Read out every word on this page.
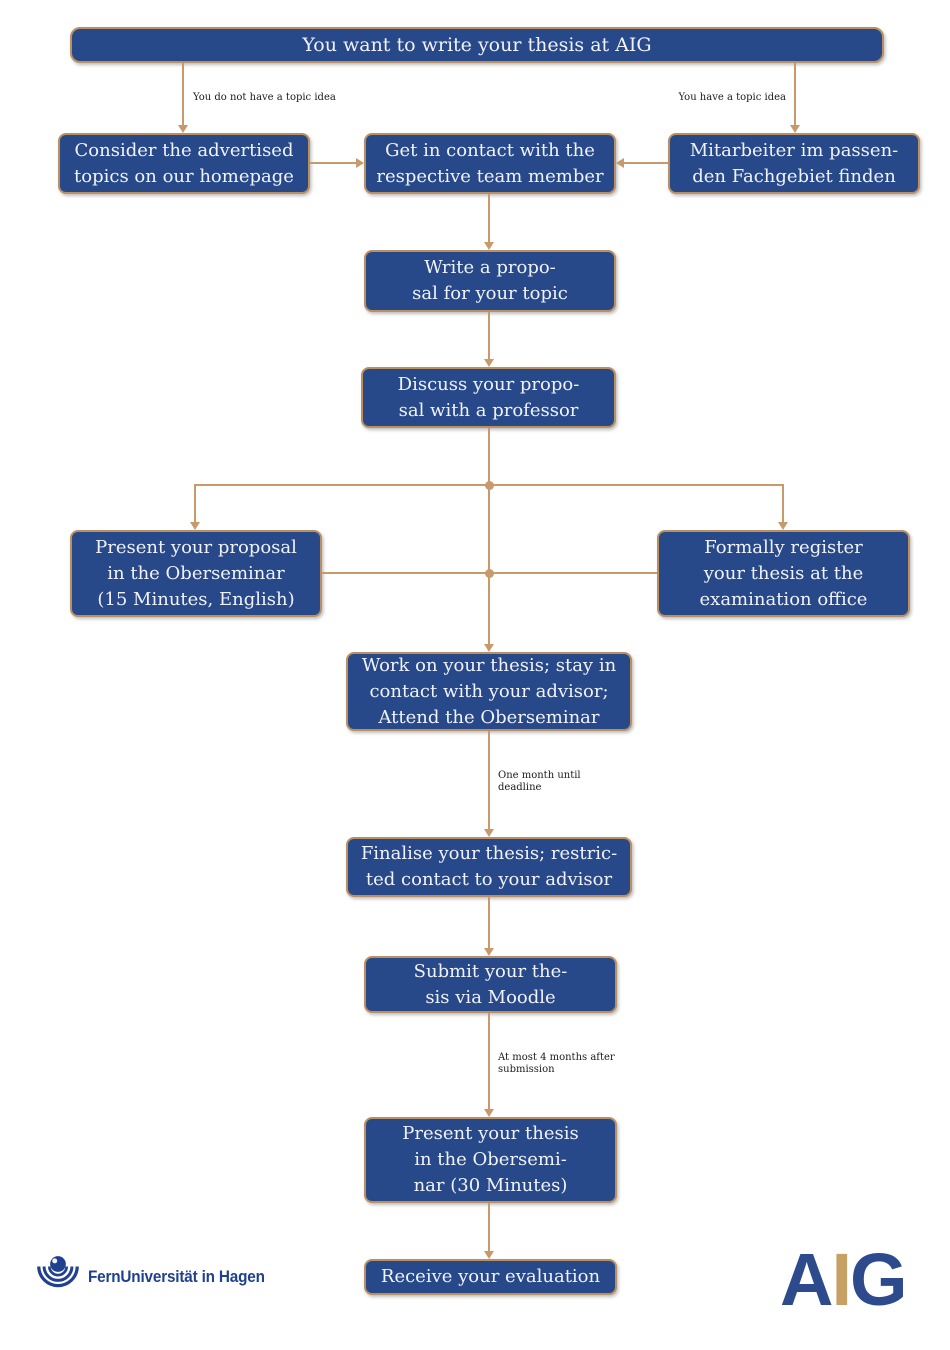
You want to write your thesis at AIG
Consider the advertised
topics on our homepage
Get in contact with the
respective team member
Mitarbeiter im passen-
den Fachgebiet finden
Write a propo-
sal for your topic
Discuss your propo-
sal with a professor
Present your proposal
in the Oberseminar
(15 Minutes, English)
Formally register
your thesis at the
examination office
Work on your thesis; stay in
contact with your advisor;
Attend the Oberseminar
Finalise your thesis; restric-
ted contact to your advisor
Submit your the-
sis via Moodle
Present your thesis
in the Obersemi-
nar (30 Minutes)
Receive your evaluation
You do not have a topic idea	You have a topic idea
One month until
deadline
At most 4 months after
submission
FernUniversität in Hagen	AIG
